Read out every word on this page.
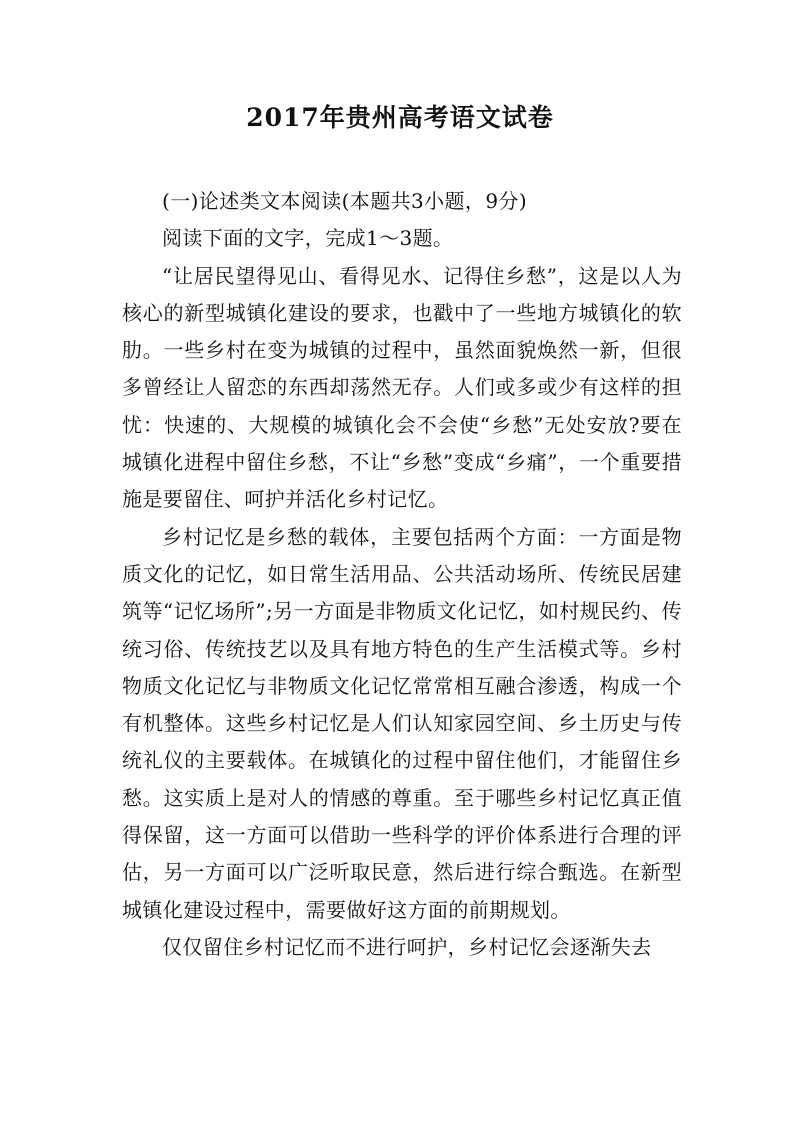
2017年贵州高考语文试卷

(一)论述类文本阅读(本题共3小题，9分)

阅读下面的文字，完成1～3题。

“让居民望得见山、看得见水、记得住乡愁”，这是以人为核心的新型城镇化建设的要求，也戳中了一些地方城镇化的软肋。一些乡村在变为城镇的过程中，虽然面貌焕然一新，但很多曾经让人留恋的东西却荡然无存。人们或多或少有这样的担忧：快速的、大规模的城镇化会不会使“乡愁”无处安放?要在城镇化进程中留住乡愁，不让“乡愁”变成“乡痛”，一个重要措施是要留住、呵护并活化乡村记忆。

乡村记忆是乡愁的载体，主要包括两个方面：一方面是物质文化的记忆，如日常生活用品、公共活动场所、传统民居建筑等“记忆场所”;另一方面是非物质文化记忆，如村规民约、传统习俗、传统技艺以及具有地方特色的生产生活模式等。乡村物质文化记忆与非物质文化记忆常常相互融合渗透，构成一个有机整体。这些乡村记忆是人们认知家园空间、乡土历史与传统礼仪的主要载体。在城镇化的过程中留住他们，才能留住乡愁。这实质上是对人的情感的尊重。至于哪些乡村记忆真正值得保留，这一方面可以借助一些科学的评价体系进行合理的评估，另一方面可以广泛听取民意，然后进行综合甄选。在新型城镇化建设过程中，需要做好这方面的前期规划。

仅仅留住乡村记忆而不进行呵护，乡村记忆会逐渐失去
